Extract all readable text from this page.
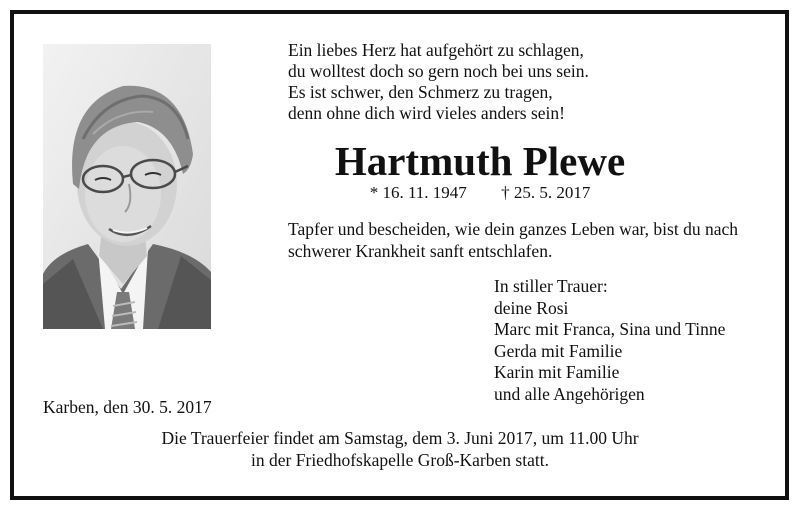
Ein liebes Herz hat aufgehört zu schlagen,
du wolltest doch so gern noch bei uns sein.
Es ist schwer, den Schmerz zu tragen,
denn ohne dich wird vieles anders sein!
Hartmuth Plewe
* 16. 11. 1947 † 25. 5. 2017
Tapfer und bescheiden, wie dein ganzes Leben war, bist du nach
schwerer Krankheit sanft entschlafen.
In stiller Trauer:
deine Rosi
Marc mit Franca, Sina und Tinne
Gerda mit Familie
Karin mit Familie
und alle Angehörigen
Karben, den 30. 5. 2017
Die Trauerfeier findet am Samstag, dem 3. Juni 2017, um 11.00 Uhr
in der Friedhofskapelle Groß-Karben statt.
